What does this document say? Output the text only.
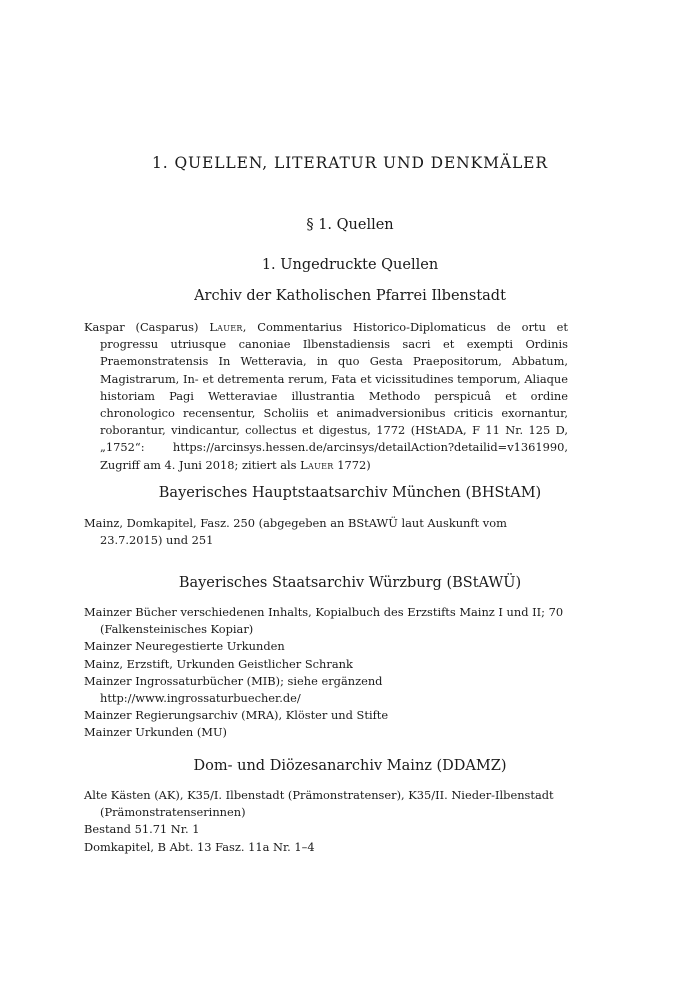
1. QUELLEN, LITERATUR UND DENKMÄLER
§ 1. Quellen
1. Ungedruckte Quellen
Archiv der Katholischen Pfarrei Ilbenstadt

Kaspar (Casparus) Lauer, Commentarius Historico-Diplomaticus de ortu et progressu utriusque canoniae Ilbenstadiensis sacri et exempti Ordinis Praemonstratensis In Wetteravia, in quo Gesta Praepositorum, Abbatum, Magistrarum, In- et detrementa rerum, Fata et vicissitudines temporum, Aliaque historiam Pagi Wetteraviae illustrantia Methodo perspicuâ et ordine chronologico recensentur, Scholiis et animadversionibus criticis exornantur, roborantur, vindicantur, collectus et digestus, 1772 (HStADA, F 11 Nr. 125 D, „1752“: https://arcinsys.hessen.de/arcinsys/detailAction?detailid=v1361990, Zugriff am 4. Juni 2018; zitiert als Lauer 1772)

Bayerisches Hauptstaatsarchiv München (BHStAM)

Mainz, Domkapitel, Fasz. 250 (abgegeben an BStAWÜ laut Auskunft vom 23.7.2015) und 251

Bayerisches Staatsarchiv Würzburg (BStAWÜ)

Mainzer Bücher verschiedenen Inhalts, Kopialbuch des Erzstifts Mainz I und II; 70 (Falkensteinisches Kopiar)

Mainzer Neuregestierte Urkunden

Mainz, Erzstift, Urkunden Geistlicher Schrank

Mainzer Ingrossaturbücher (MIB); siehe ergänzend http://www.ingrossaturbuecher.de/

Mainzer Regierungsarchiv (MRA), Klöster und Stifte

Mainzer Urkunden (MU)

Dom- und Diözesanarchiv Mainz (DDAMZ)

Alte Kästen (AK), K35/I. Ilbenstadt (Prämonstratenser), K35/II. Nieder-Ilbenstadt (Prämonstratenserinnen)

Bestand 51.71 Nr. 1

Domkapitel, B Abt. 13 Fasz. 11a Nr. 1–4
